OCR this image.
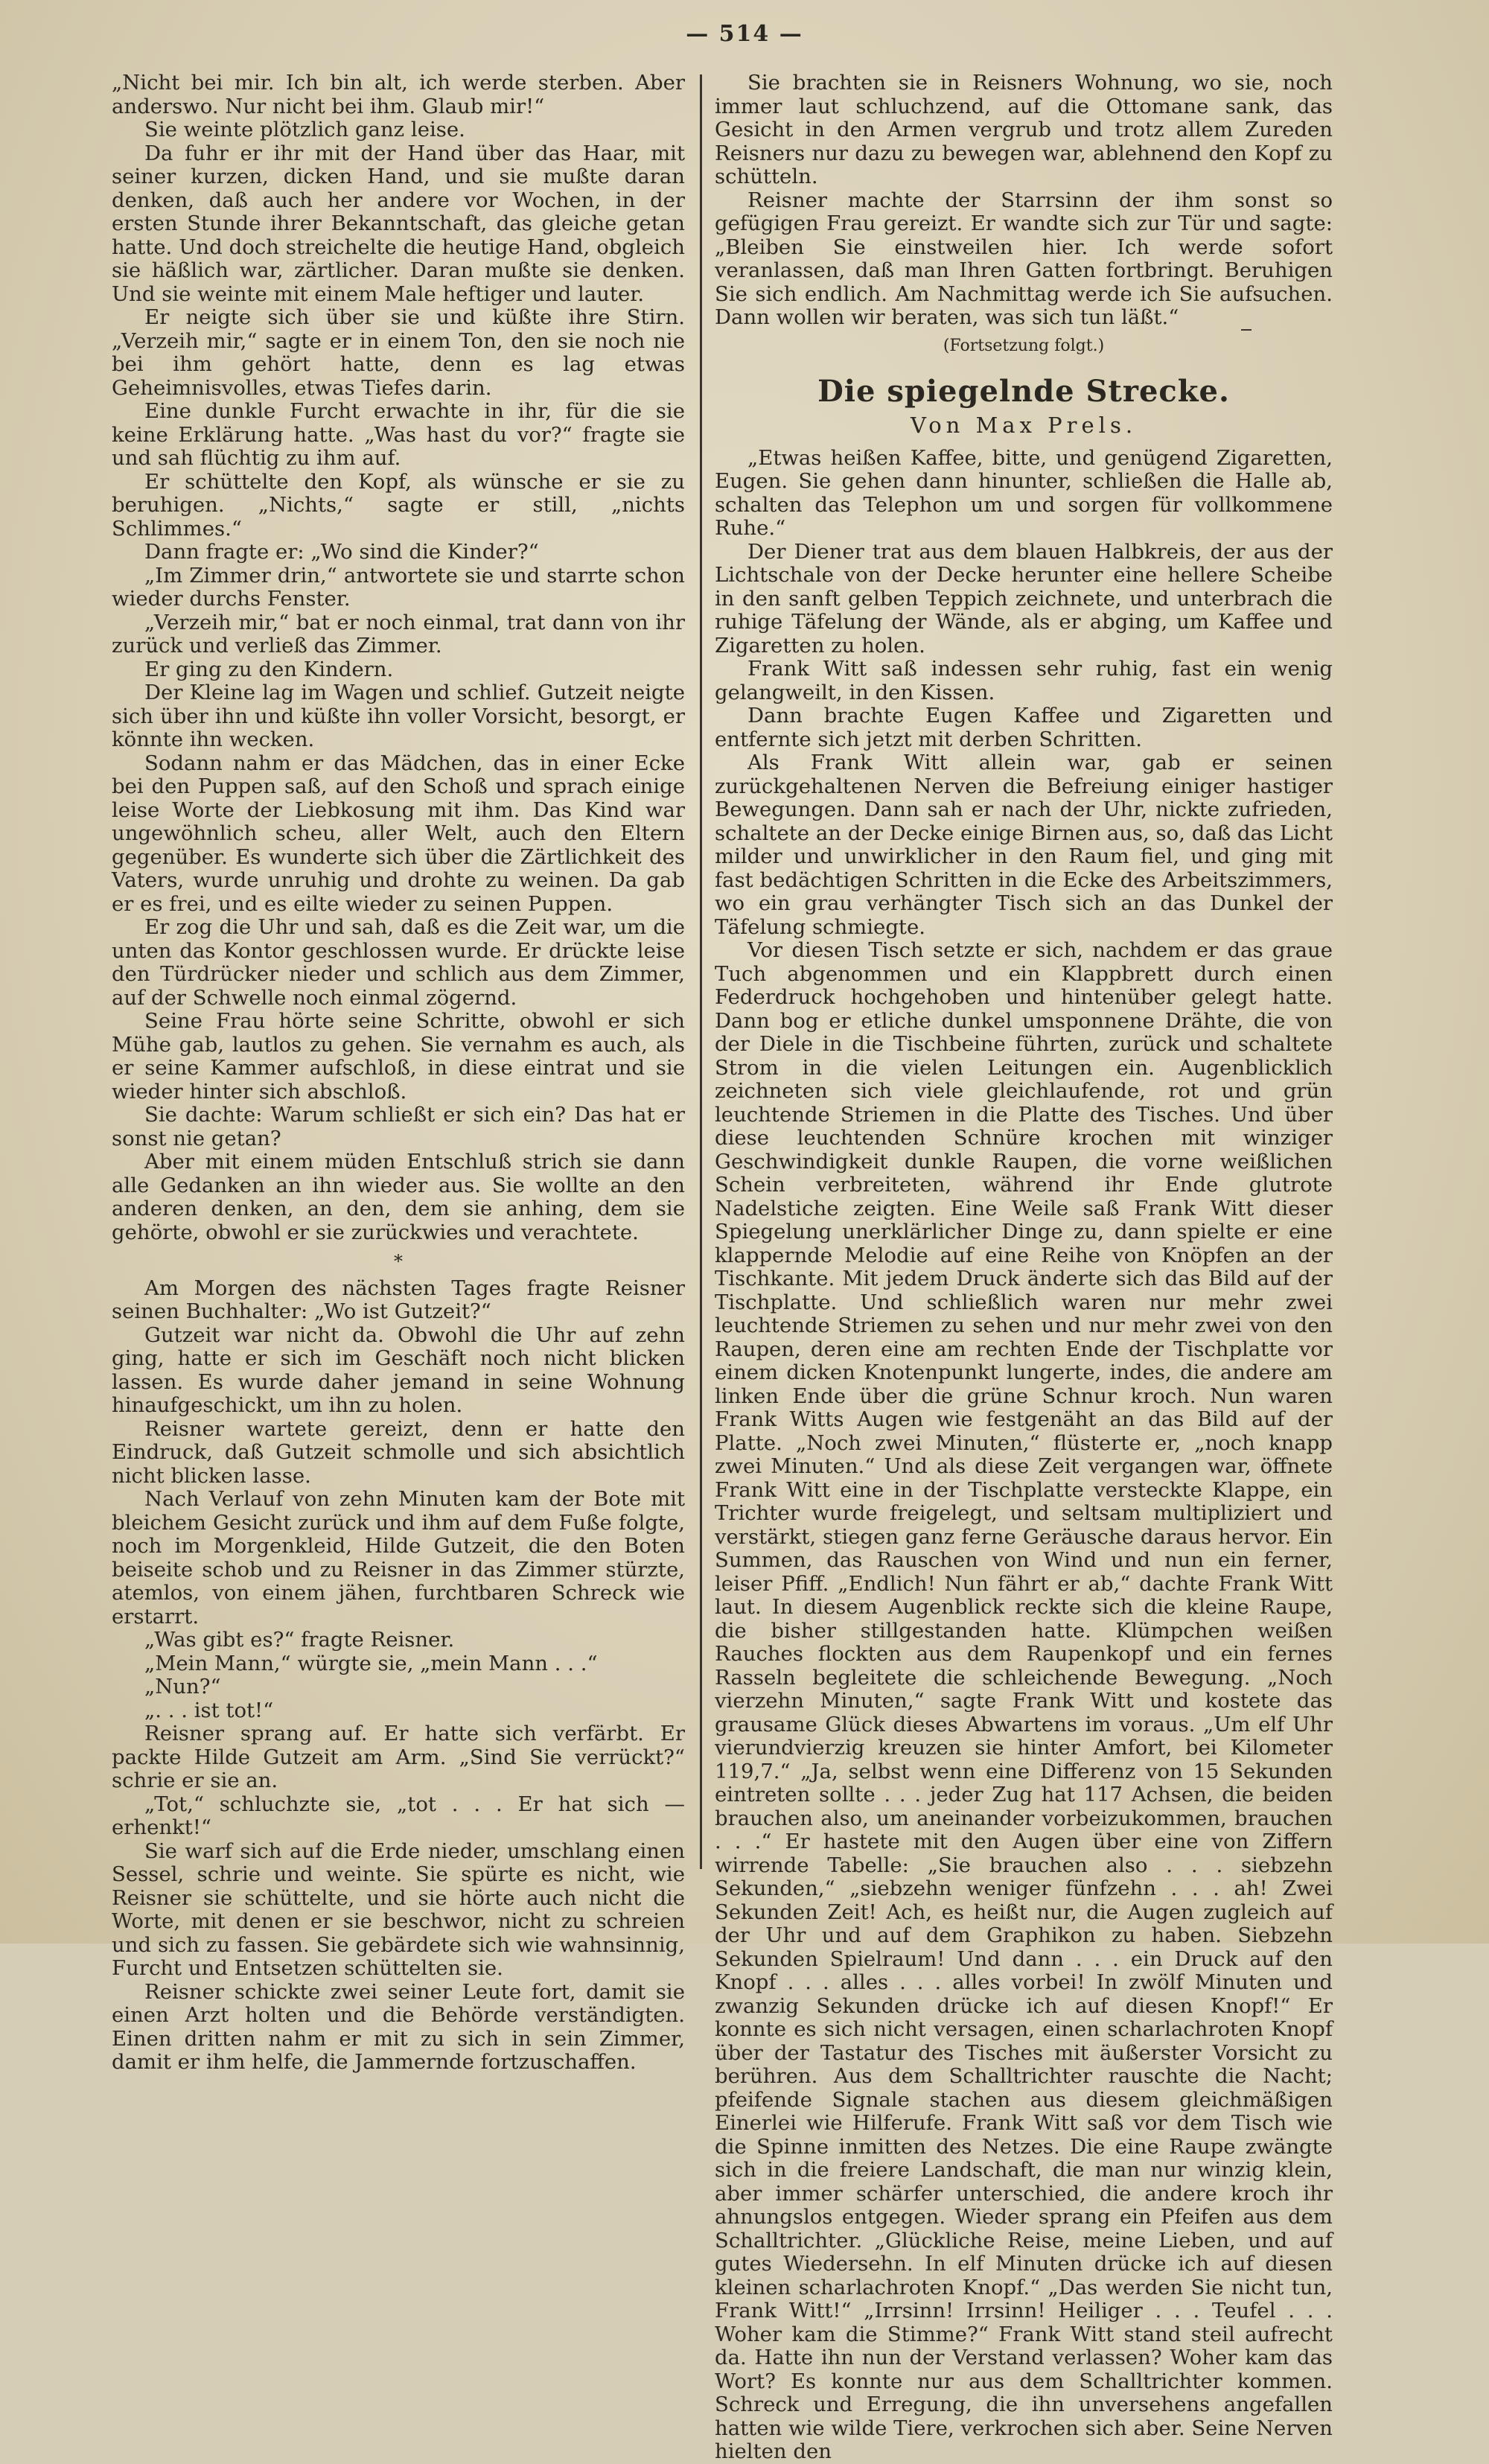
— 514 —

„Nicht bei mir. Ich bin alt, ich werde sterben. Aber anderswo. Nur nicht bei ihm. Glaub mir!“

Sie weinte plötzlich ganz leise.

Da fuhr er ihr mit der Hand über das Haar, mit seiner kurzen, dicken Hand, und sie mußte daran denken, daß auch her andere vor Wochen, in der ersten Stunde ihrer Bekanntschaft, das gleiche getan hatte. Und doch streichelte die heutige Hand, obgleich sie häßlich war, zärtlicher. Daran mußte sie denken. Und sie weinte mit einem Male heftiger und lauter.

Er neigte sich über sie und küßte ihre Stirn. „Verzeih mir,“ sagte er in einem Ton, den sie noch nie bei ihm gehört hatte, denn es lag etwas Geheimnisvolles, etwas Tiefes darin.

Eine dunkle Furcht erwachte in ihr, für die sie keine Erklärung hatte. „Was hast du vor?“ fragte sie und sah flüchtig zu ihm auf.

Er schüttelte den Kopf, als wünsche er sie zu beruhigen. „Nichts,“ sagte er still, „nichts Schlimmes.“

Dann fragte er: „Wo sind die Kinder?“

„Im Zimmer drin,“ antwortete sie und starrte schon wieder durchs Fenster.

„Verzeih mir,“ bat er noch einmal, trat dann von ihr zurück und verließ das Zimmer.

Er ging zu den Kindern.

Der Kleine lag im Wagen und schlief. Gutzeit neigte sich über ihn und küßte ihn voller Vorsicht, besorgt, er könnte ihn wecken.

Sodann nahm er das Mädchen, das in einer Ecke bei den Puppen saß, auf den Schoß und sprach einige leise Worte der Liebkosung mit ihm. Das Kind war ungewöhnlich scheu, aller Welt, auch den Eltern gegenüber. Es wunderte sich über die Zärtlichkeit des Vaters, wurde unruhig und drohte zu weinen. Da gab er es frei, und es eilte wieder zu seinen Puppen.

Er zog die Uhr und sah, daß es die Zeit war, um die unten das Kontor geschlossen wurde. Er drückte leise den Türdrücker nieder und schlich aus dem Zimmer, auf der Schwelle noch einmal zögernd.

Seine Frau hörte seine Schritte, obwohl er sich Mühe gab, lautlos zu gehen. Sie vernahm es auch, als er seine Kammer aufschloß, in diese eintrat und sie wieder hinter sich abschloß.

Sie dachte: Warum schließt er sich ein? Das hat er sonst nie getan?

Aber mit einem müden Entschluß strich sie dann alle Gedanken an ihn wieder aus. Sie wollte an den anderen denken, an den, dem sie anhing, dem sie gehörte, obwohl er sie zurückwies und verachtete.

*

Am Morgen des nächsten Tages fragte Reisner seinen Buchhalter: „Wo ist Gutzeit?“

Gutzeit war nicht da. Obwohl die Uhr auf zehn ging, hatte er sich im Geschäft noch nicht blicken lassen. Es wurde daher jemand in seine Wohnung hinaufgeschickt, um ihn zu holen.

Reisner wartete gereizt, denn er hatte den Eindruck, daß Gutzeit schmolle und sich absichtlich nicht blicken lasse.

Nach Verlauf von zehn Minuten kam der Bote mit bleichem Gesicht zurück und ihm auf dem Fuße folgte, noch im Morgenkleid, Hilde Gutzeit, die den Boten beiseite schob und zu Reisner in das Zimmer stürzte, atemlos, von einem jähen, furchtbaren Schreck wie erstarrt.

„Was gibt es?“ fragte Reisner.

„Mein Mann,“ würgte sie, „mein Mann . . .“

„Nun?“

„. . . ist tot!“

Reisner sprang auf. Er hatte sich verfärbt. Er packte Hilde Gutzeit am Arm. „Sind Sie verrückt?“ schrie er sie an.

„Tot,“ schluchzte sie, „tot . . . Er hat sich — erhenkt!“

Sie warf sich auf die Erde nieder, umschlang einen Sessel, schrie und weinte. Sie spürte es nicht, wie Reisner sie schüttelte, und sie hörte auch nicht die Worte, mit denen er sie beschwor, nicht zu schreien und sich zu fassen. Sie gebärdete sich wie wahnsinnig, Furcht und Entsetzen schüttelten sie.

Reisner schickte zwei seiner Leute fort, damit sie einen Arzt holten und die Behörde verständigten. Einen dritten nahm er mit zu sich in sein Zimmer, damit er ihm helfe, die Jammernde fortzuschaffen.

Sie brachten sie in Reisners Wohnung, wo sie, noch immer laut schluchzend, auf die Ottomane sank, das Gesicht in den Armen vergrub und trotz allem Zureden Reisners nur dazu zu bewegen war, ablehnend den Kopf zu schütteln.

Reisner machte der Starrsinn der ihm sonst so gefügigen Frau gereizt. Er wandte sich zur Tür und sagte: „Bleiben Sie einstweilen hier. Ich werde sofort veranlassen, daß man Ihren Gatten fortbringt. Beruhigen Sie sich endlich. Am Nachmittag werde ich Sie aufsuchen. Dann wollen wir beraten, was sich tun läßt.“

(Fortsetzung folgt.)

Die spiegelnde Strecke.

Von Max Prels.

„Etwas heißen Kaffee, bitte, und genügend Zigaretten, Eugen. Sie gehen dann hinunter, schließen die Halle ab, schalten das Telephon um und sorgen für vollkommene Ruhe.“

Der Diener trat aus dem blauen Halbkreis, der aus der Lichtschale von der Decke herunter eine hellere Scheibe in den sanft gelben Teppich zeichnete, und unterbrach die ruhige Täfelung der Wände, als er abging, um Kaffee und Zigaretten zu holen.

Frank Witt saß indessen sehr ruhig, fast ein wenig gelangweilt, in den Kissen.

Dann brachte Eugen Kaffee und Zigaretten und entfernte sich jetzt mit derben Schritten.

Als Frank Witt allein war, gab er seinen zurückgehaltenen Nerven die Befreiung einiger hastiger Bewegungen. Dann sah er nach der Uhr, nickte zufrieden, schaltete an der Decke einige Birnen aus, so, daß das Licht milder und unwirklicher in den Raum fiel, und ging mit fast bedächtigen Schritten in die Ecke des Arbeitszimmers, wo ein grau verhängter Tisch sich an das Dunkel der Täfelung schmiegte.

Vor diesen Tisch setzte er sich, nachdem er das graue Tuch abgenommen und ein Klappbrett durch einen Federdruck hochgehoben und hintenüber gelegt hatte. Dann bog er etliche dunkel umsponnene Drähte, die von der Diele in die Tischbeine führten, zurück und schaltete Strom in die vielen Leitungen ein. Augenblicklich zeichneten sich viele gleichlaufende, rot und grün leuchtende Striemen in die Platte des Tisches. Und über diese leuchtenden Schnüre krochen mit winziger Geschwindigkeit dunkle Raupen, die vorne weißlichen Schein verbreiteten, während ihr Ende glutrote Nadelstiche zeigten. Eine Weile saß Frank Witt dieser Spiegelung unerklärlicher Dinge zu, dann spielte er eine klappernde Melodie auf eine Reihe von Knöpfen an der Tischkante. Mit jedem Druck änderte sich das Bild auf der Tischplatte. Und schließlich waren nur mehr zwei leuchtende Striemen zu sehen und nur mehr zwei von den Raupen, deren eine am rechten Ende der Tischplatte vor einem dicken Knotenpunkt lungerte, indes, die andere am linken Ende über die grüne Schnur kroch. Nun waren Frank Witts Augen wie festgenäht an das Bild auf der Platte. „Noch zwei Minuten,“ flüsterte er, „noch knapp zwei Minuten.“ Und als diese Zeit vergangen war, öffnete Frank Witt eine in der Tischplatte versteckte Klappe, ein Trichter wurde freigelegt, und seltsam multipliziert und verstärkt, stiegen ganz ferne Geräusche daraus hervor. Ein Summen, das Rauschen von Wind und nun ein ferner, leiser Pfiff. „Endlich! Nun fährt er ab,“ dachte Frank Witt laut. In diesem Augenblick reckte sich die kleine Raupe, die bisher stillgestanden hatte. Klümpchen weißen Rauches flockten aus dem Raupenkopf und ein fernes Rasseln begleitete die schleichende Bewegung. „Noch vierzehn Minuten,“ sagte Frank Witt und kostete das grausame Glück dieses Abwartens im voraus. „Um elf Uhr vierundvierzig kreuzen sie hinter Amfort, bei Kilometer 119,7.“ „Ja, selbst wenn eine Differenz von 15 Sekunden eintreten sollte . . . jeder Zug hat 117 Achsen, die beiden brauchen also, um aneinander vorbeizukommen, brauchen . . .“ Er hastete mit den Augen über eine von Ziffern wirrende Tabelle: „Sie brauchen also . . . siebzehn Sekunden,“ „siebzehn weniger fünfzehn . . . ah! Zwei Sekunden Zeit! Ach, es heißt nur, die Augen zugleich auf der Uhr und auf dem Graphikon zu haben. Siebzehn Sekunden Spielraum! Und dann . . . ein Druck auf den Knopf . . . alles . . . alles vorbei! In zwölf Minuten und zwanzig Sekunden drücke ich auf diesen Knopf!“ Er konnte es sich nicht versagen, einen scharlachroten Knopf über der Tastatur des Tisches mit äußerster Vorsicht zu berühren. Aus dem Schalltrichter rauschte die Nacht; pfeifende Signale stachen aus diesem gleichmäßigen Einerlei wie Hilferufe. Frank Witt saß vor dem Tisch wie die Spinne inmitten des Netzes. Die eine Raupe zwängte sich in die freiere Landschaft, die man nur winzig klein, aber immer schärfer unterschied, die andere kroch ihr ahnungslos entgegen. Wieder sprang ein Pfeifen aus dem Schalltrichter. „Glückliche Reise, meine Lieben, und auf gutes Wiedersehn. In elf Minuten drücke ich auf diesen kleinen scharlachroten Knopf.“ „Das werden Sie nicht tun, Frank Witt!“ „Irrsinn! Irrsinn! Heiliger . . . Teufel . . . Woher kam die Stimme?“ Frank Witt stand steil aufrecht da. Hatte ihn nun der Verstand verlassen? Woher kam das Wort? Es konnte nur aus dem Schalltrichter kommen. Schreck und Erregung, die ihn unversehens angefallen hatten wie wilde Tiere, verkrochen sich aber. Seine Nerven hielten den
